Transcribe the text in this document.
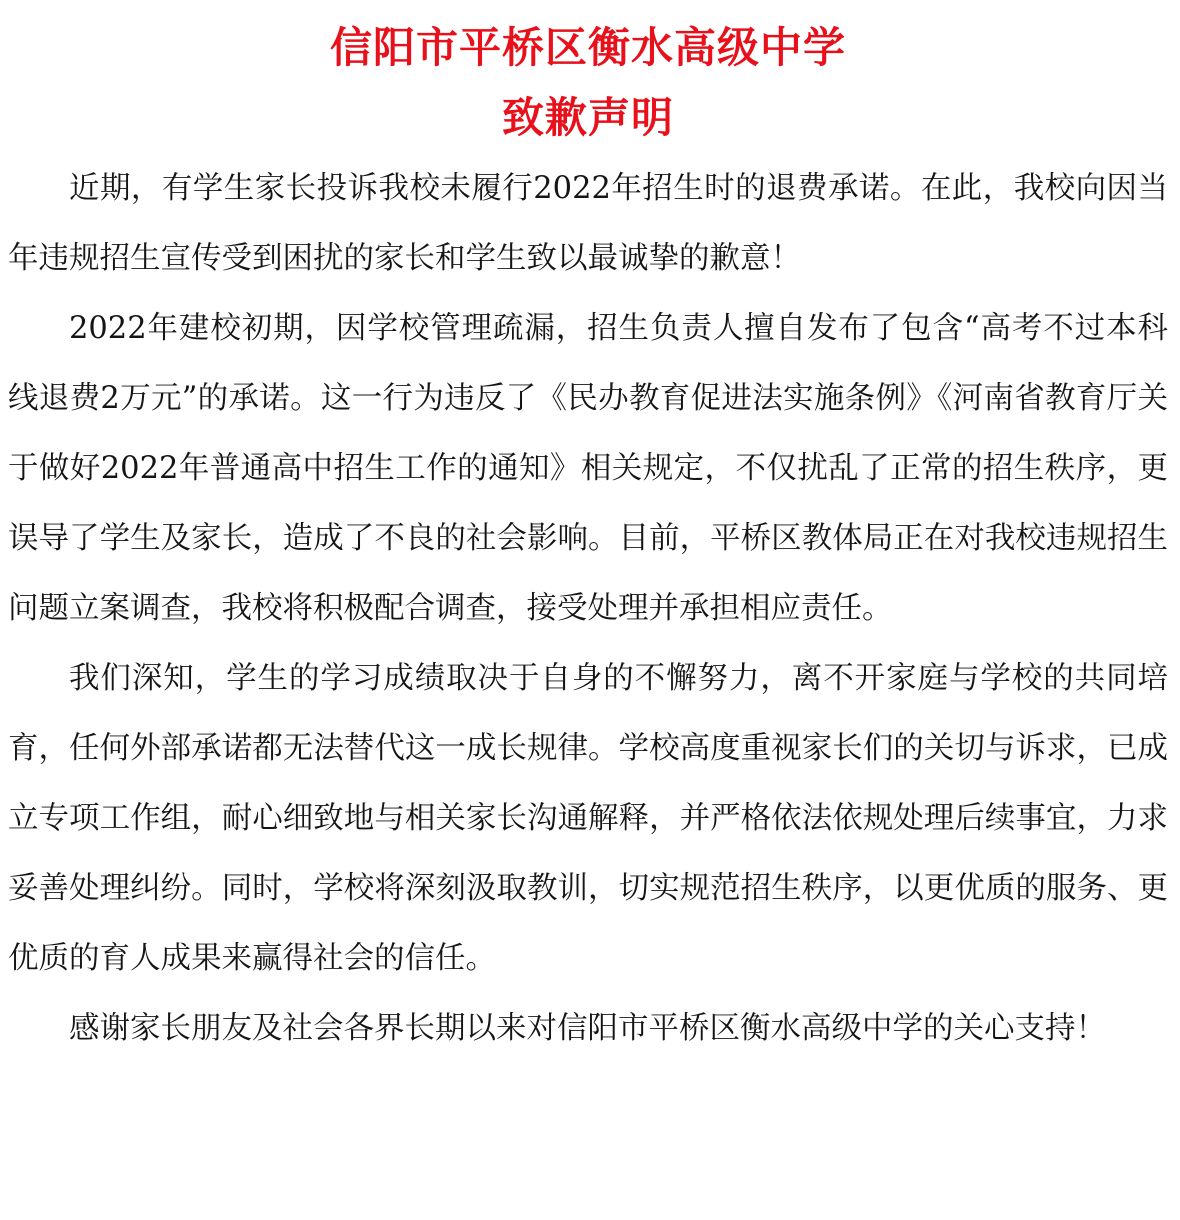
信阳市平桥区衡水高级中学
致歉声明

近期，有学生家长投诉我校未履行2022年招生时的退费承诺。在此，我校向因当年违规招生宣传受到困扰的家长和学生致以最诚挚的歉意！

2022年建校初期，因学校管理疏漏，招生负责人擅自发布了包含“高考不过本科线退费2万元”的承诺。这一行为违反了《民办教育促进法实施条例》《河南省教育厅关于做好2022年普通高中招生工作的通知》相关规定，不仅扰乱了正常的招生秩序，更误导了学生及家长，造成了不良的社会影响。目前，平桥区教体局正在对我校违规招生问题立案调查，我校将积极配合调查，接受处理并承担相应责任。

我们深知，学生的学习成绩取决于自身的不懈努力，离不开家庭与学校的共同培育，任何外部承诺都无法替代这一成长规律。学校高度重视家长们的关切与诉求，已成立专项工作组，耐心细致地与相关家长沟通解释，并严格依法依规处理后续事宜，力求妥善处理纠纷。同时，学校将深刻汲取教训，切实规范招生秩序，以更优质的服务、更优质的育人成果来赢得社会的信任。

感谢家长朋友及社会各界长期以来对信阳市平桥区衡水高级中学的关心支持！
